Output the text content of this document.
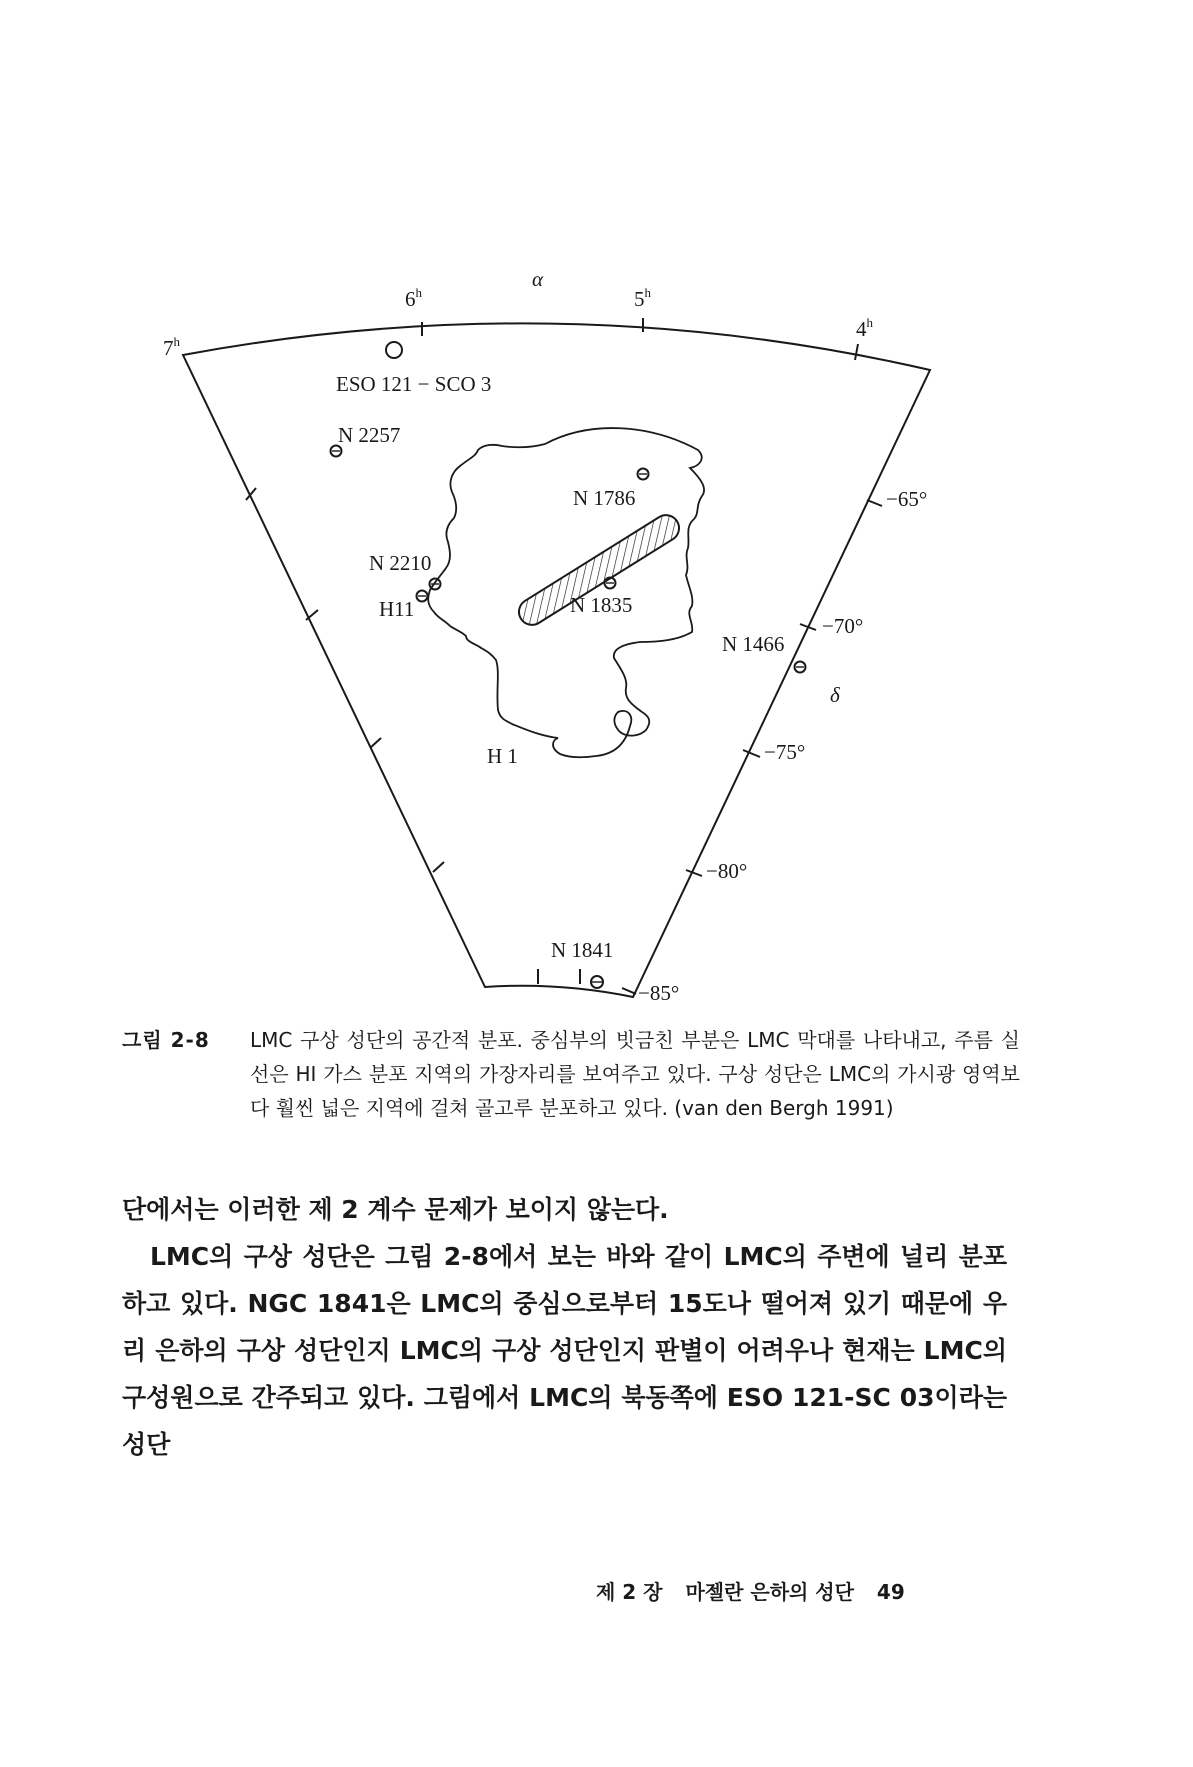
7$^h$
6$^h$
α
5$^h$
$4^h$
−65°
−70°
−75°
−80°
−85°
δ
ESO 121 − SCO 3
N 2257
N 1786
N 2210
H11	N 1835
N 1466
H 1
N 1841
그림 2-8	LMC 구상 성단의 공간적 분포. 중심부의 빗금친 부분은 LMC 막대를 나타내고, 주름 실선은 HI 가스 분포 지역의 가장자리를 보여주고 있다. 구상 성단은 LMC의 가시광 영역보다 훨씬 넓은 지역에 걸쳐 골고루 분포하고 있다. (van den Bergh 1991)

단에서는 이러한 제 2 계수 문제가 보이지 않는다.

LMC의 구상 성단은 그림 2-8에서 보는 바와 같이 LMC의 주변에 널리 분포하고 있다. NGC 1841은 LMC의 중심으로부터 15도나 떨어져 있기 때문에 우리 은하의 구상 성단인지 LMC의 구상 성단인지 판별이 어려우나 현재는 LMC의 구성원으로 간주되고 있다. 그림에서 LMC의 북동쪽에 ESO 121-SC 03이라는 성단

제 2 장 마젤란 은하의 성단 49
